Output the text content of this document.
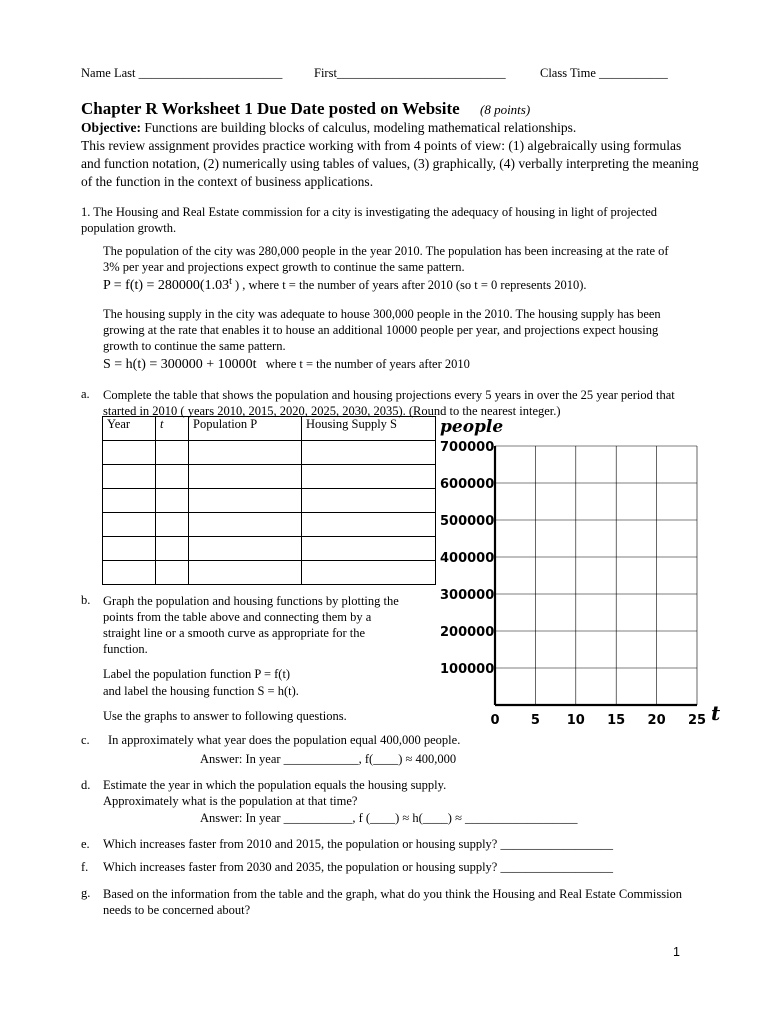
Name Last _______________________	First___________________________	Class Time ___________
Chapter R Worksheet 1 Due Date posted on Website (8 points)
Objective: Functions are building blocks of calculus, modeling mathematical relationships.
This review assignment provides practice working with from 4 points of view: (1) algebraically using formulas and function notation, (2) numerically using tables of values, (3) graphically, (4) verbally interpreting the meaning of the function in the context of business applications.
1. The Housing and Real Estate commission for a city is investigating the adequacy of housing in light of projected population growth.
The population of the city was 280,000 people in the year 2010. The population has been increasing at the rate of 3% per year and projections expect growth to continue the same pattern.
$P = f(t) = 280000(1.03^t$ ) , where t = the number of years after 2010 (so t = 0 represents 2010).
The housing supply in the city was adequate to house 300,000 people in the 2010. The housing supply has been growing at the rate that enables it to house an additional 10000 people per year, and projections expect housing growth to continue the same pattern.
S = h(t) = 300000 + 10000t where t = the number of years after 2010
a. Complete the table that shows the population and housing projections every 5 years in over the 25 year period that started in 2010 ( years 2010, 2015, 2020, 2025, 2030, 2035). (Round to the nearest integer.)
Year	t	Population P	Housing Supply S

				people
700000
600000
500000
400000
300000
200000
100000
0 5 10 15 20 25 t
b. Graph the population and housing functions by plotting the points from the table above and connecting them by a straight line or a smooth curve as appropriate for the function.
Label the population function P = f(t)
and label the housing function S = h(t).
Use the graphs to answer to following questions.
c. In approximately what year does the population equal 400,000 people.
Answer: In year ____________, f(____) ≈ 400,000
d. Estimate the year in which the population equals the housing supply.
Approximately what is the population at that time?
Answer: In year ___________, f (____) ≈ h(____) ≈ __________________
e. Which increases faster from 2010 and 2015, the population or housing supply? __________________
f. Which increases faster from 2030 and 2035, the population or housing supply? __________________
g. Based on the information from the table and the graph, what do you think the Housing and Real Estate Commission needs to be concerned about?
1
